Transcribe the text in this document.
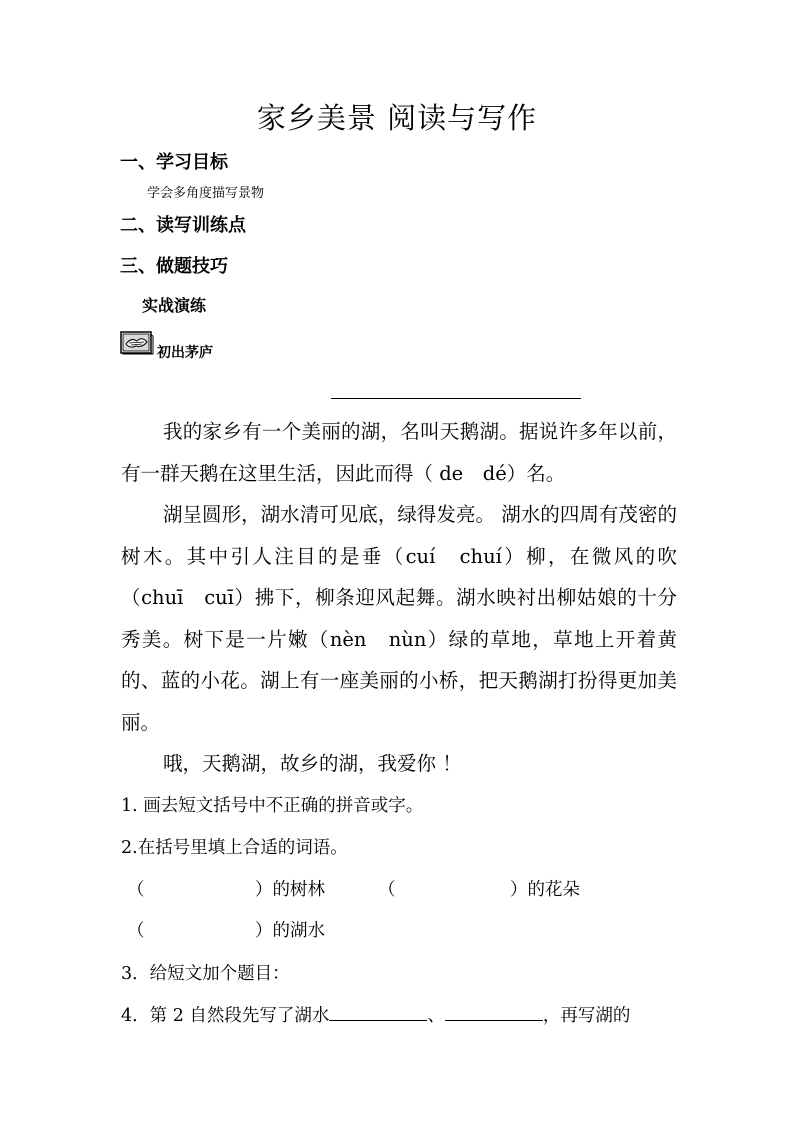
家乡美景 阅读与写作
一、学习目标
学会多角度描写景物
二、读写训练点
三、做题技巧
实战演练
初出茅庐
我的家乡有一个美丽的湖，名叫天鹅湖。据说许多年以前，有一群天鹅在这里生活，因此而得（ de　dé）名。
湖呈圆形，湖水清可见底，绿得发亮。 湖水的四周有茂密的树木。其中引人注目的是垂（cuí　chuí）柳，在微风的吹（chuī　cuī）拂下，柳条迎风起舞。湖水映衬出柳姑娘的十分秀美。树下是一片嫩（nèn　nùn）绿的草地，草地上开着黄的、蓝的小花。湖上有一座美丽的小桥，把天鹅湖打扮得更加美丽。
哦，天鹅湖，故乡的湖，我爱你 ！
1. 画去短文括号中不正确的拼音或字。
2.在括号里填上合适的词语。
（	）的树林	（	）的花朵
（	）的湖水
3．给短文加个题目：
4．第 2 自然段先写了湖水	、	，再写湖的
